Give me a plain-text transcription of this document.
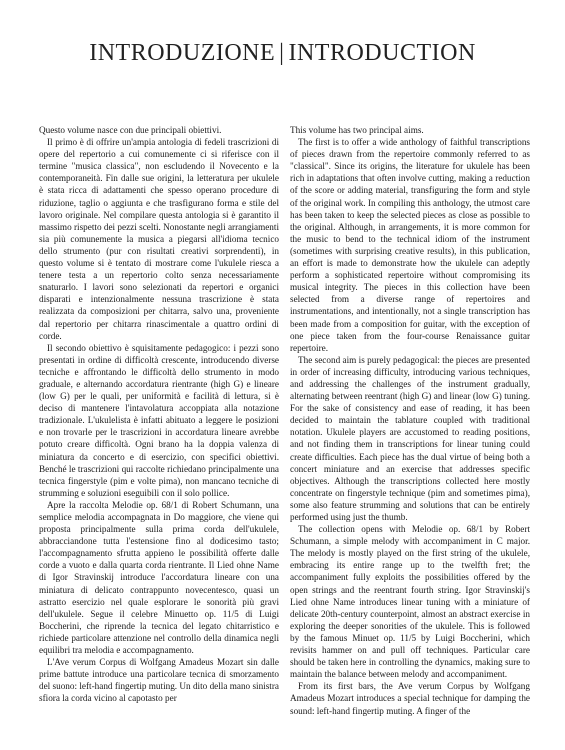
INTRODUZIONE | INTRODUCTION

Questo volume nasce con due principali obiettivi.

Il primo è di offrire un'ampia antologia di fedeli trascrizioni di opere del repertorio a cui comunemente ci si riferisce con il termine "musica classica", non escludendo il Novecento e la contemporaneità. Fin dalle sue origini, la letteratura per ukulele è stata ricca di adattamenti che spesso operano procedure di riduzione, taglio o aggiunta e che trasfigurano forma e stile del lavoro originale. Nel compilare questa antologia si è garantito il massimo rispetto dei pezzi scelti. Nonostante negli arrangiamenti sia più comunemente la musica a piegarsi all'idioma tecnico dello strumento (pur con risultati creativi sorprendenti), in questo volume si è tentato di mostrare come l'ukulele riesca a tenere testa a un repertorio colto senza necessariamente snaturarlo. I lavori sono selezionati da repertori e organici disparati e intenzionalmente nessuna trascrizione è stata realizzata da composizioni per chitarra, salvo una, proveniente dal repertorio per chitarra rinascimentale a quattro ordini di corde.

Il secondo obiettivo è squisitamente pedagogico: i pezzi sono presentati in ordine di difficoltà crescente, introducendo diverse tecniche e affrontando le difficoltà dello strumento in modo graduale, e alternando accordatura rientrante (high G) e lineare (low G) per le quali, per uniformità e facilità di lettura, si è deciso di mantenere l'intavolatura accoppiata alla notazione tradizionale. L'ukulelista è infatti abituato a leggere le posizioni e non trovarle per le trascrizioni in accordatura lineare avrebbe potuto creare difficoltà. Ogni brano ha la doppia valenza di miniatura da concerto e di esercizio, con specifici obiettivi. Benché le trascrizioni qui raccolte richiedano principalmente una tecnica fingerstyle (pim e volte pima), non mancano tecniche di strumming e soluzioni eseguibili con il solo pollice.

Apre la raccolta Melodie op. 68/1 di Robert Schumann, una semplice melodia accompagnata in Do maggiore, che viene qui proposta principalmente sulla prima corda dell'ukulele, abbracciandone tutta l'estensione fino al dodicesimo tasto; l'accompagnamento sfrutta appieno le possibilità offerte dalle corde a vuoto e dalla quarta corda rientrante. Il Lied ohne Name di Igor Stravinskij introduce l'accordatura lineare con una miniatura di delicato contrappunto novecentesco, quasi un astratto esercizio nel quale esplorare le sonorità più gravi dell'ukulele. Segue il celebre Minuetto op. 11/5 di Luigi Boccherini, che riprende la tecnica del legato chitarristico e richiede particolare attenzione nel controllo della dinamica negli equilibri tra melodia e accompagnamento.

L'Ave verum Corpus di Wolfgang Amadeus Mozart sin dalle prime battute introduce una particolare tecnica di smorzamento del suono: left-hand fingertip muting. Un dito della mano sinistra sfiora la corda vicino al capotasto per

This volume has two principal aims.

The first is to offer a wide anthology of faithful transcriptions of pieces drawn from the repertoire commonly referred to as "classical". Since its origins, the literature for ukulele has been rich in adaptations that often involve cutting, making a reduction of the score or adding material, transfiguring the form and style of the original work. In compiling this anthology, the utmost care has been taken to keep the selected pieces as close as possible to the original. Although, in arrangements, it is more common for the music to bend to the technical idiom of the instrument (sometimes with surprising creative results), in this publication, an effort is made to demonstrate how the ukulele can adeptly perform a sophisticated repertoire without compromising its musical integrity. The pieces in this collection have been selected from a diverse range of repertoires and instrumentations, and intentionally, not a single transcription has been made from a composition for guitar, with the exception of one piece taken from the four-course Renaissance guitar repertoire.

The second aim is purely pedagogical: the pieces are presented in order of increasing difficulty, introducing various techniques, and addressing the challenges of the instrument gradually, alternating between reentrant (high G) and linear (low G) tuning. For the sake of consistency and ease of reading, it has been decided to maintain the tablature coupled with traditional notation. Ukulele players are accustomed to reading positions, and not finding them in transcriptions for linear tuning could create difficulties. Each piece has the dual virtue of being both a concert miniature and an exercise that addresses specific objectives. Although the transcriptions collected here mostly concentrate on fingerstyle technique (pim and sometimes pima), some also feature strumming and solutions that can be entirely performed using just the thumb.

The collection opens with Melodie op. 68/1 by Robert Schumann, a simple melody with accompaniment in C major. The melody is mostly played on the first string of the ukulele, embracing its entire range up to the twelfth fret; the accompaniment fully exploits the possibilities offered by the open strings and the reentrant fourth string. Igor Stravinskij's Lied ohne Name introduces linear tuning with a miniature of delicate 20th-century counterpoint, almost an abstract exercise in exploring the deeper sonorities of the ukulele. This is followed by the famous Minuet op. 11/5 by Luigi Boccherini, which revisits hammer on and pull off techniques. Particular care should be taken here in controlling the dynamics, making sure to maintain the balance between melody and accompaniment.

From its first bars, the Ave verum Corpus by Wolfgang Amadeus Mozart introduces a special technique for damping the sound: left-hand fingertip muting. A finger of the
